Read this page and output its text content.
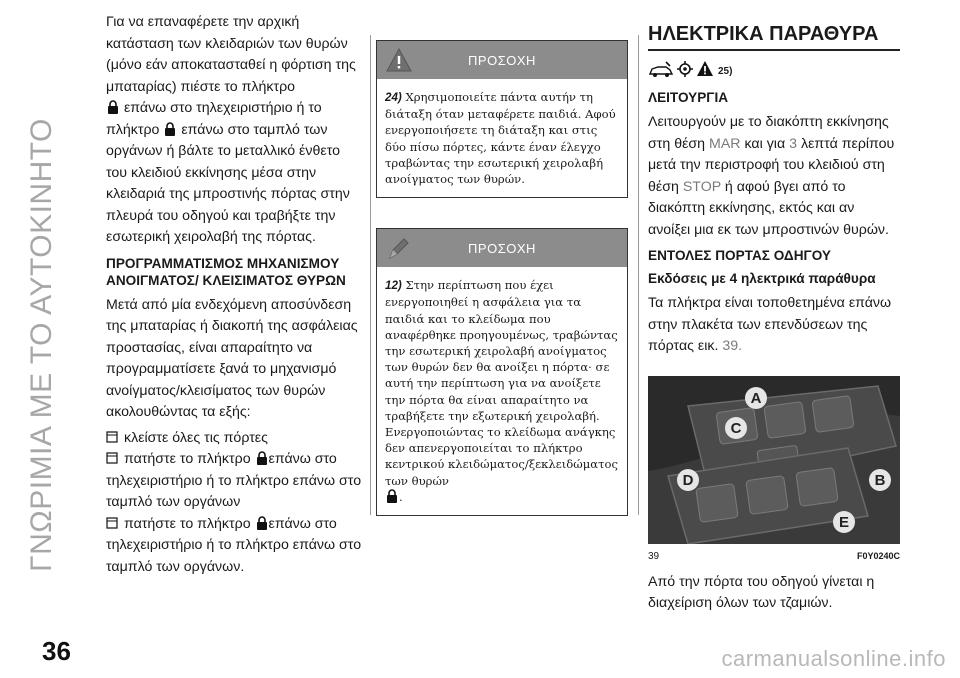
ΓΝΩΡΙΜΙΑ ΜΕ ΤΟ ΑΥΤΟΚΙΝΗΤΟ
36	carmanualsonline.info

Για να επαναφέρετε την αρχική κατάσταση των κλειδαριών των θυρών (μόνο εάν αποκατασταθεί η φόρτιση της μπαταρίας) πιέστε το πλήκτρο
επάνω στο τηλεχειριστήριο ή το πλήκτρο επάνω στο ταμπλό των οργάνων ή βάλτε το μεταλλικό ένθετο του κλειδιού εκκίνησης μέσα στην κλειδαριά της μπροστινής πόρτας στην πλευρά του οδηγού και τραβήξτε την εσωτερική χειρολαβή της πόρτας.

ΠΡΟΓΡΑΜΜΑΤΙΣΜΟΣ ΜΗΧΑΝΙΣΜΟΥ ΑΝΟΙΓΜΑΤΟΣ/ ΚΛΕΙΣΙΜΑΤΟΣ ΘΥΡΩΝ

Μετά από μία ενδεχόμενη αποσύνδεση της μπαταρίας ή διακοπή της ασφάλειας προστασίας, είναι απαραίτητο να προγραμματίσετε ξανά το μηχανισμό ανοίγματος/κλεισίματος των θυρών ακολουθώντας τα εξής:

κλείστε όλες τις πόρτες
πατήστε το πλήκτρο επάνω στο τηλεχειριστήριο ή το πλήκτρο επάνω στο ταμπλό των οργάνων
πατήστε το πλήκτρο επάνω στο τηλεχειριστήριο ή το πλήκτρο επάνω στο ταμπλό των οργάνων.
ΠΡΟΣΟΧΗ
24) Χρησιμοποιείτε πάντα αυτήν τη διάταξη όταν μεταφέρετε παιδιά. Αφού ενεργοποιήσετε τη διάταξη και στις δύο πίσω πόρτες, κάντε έναν έλεγχο τραβώντας την εσωτερική χειρολαβή ανοίγματος των θυρών.
ΠΡΟΣΟΧΗ
12) Στην περίπτωση που έχει ενεργοποιηθεί η ασφάλεια για τα παιδιά και το κλείδωμα που αναφέρθηκε προηγουμένως, τραβώντας την εσωτερική χειρολαβή ανοίγματος των θυρών δεν θα ανοίξει η πόρτα· σε αυτή την περίπτωση για να ανοίξετε την πόρτα θα είναι απαραίτητο να τραβήξετε την εξωτερική χειρολαβή. Ενεργοποιώντας το κλείδωμα ανάγκης δεν απενεργοποιείται το πλήκτρο κεντρικού κλειδώματος/ξεκλειδώματος των θυρών
.
ΗΛΕΚΤΡΙΚΑ ΠΑΡΑΘΥΡΑ
25)
ΛΕΙΤΟΥΡΓΙΑ

Λειτουργούν με το διακόπτη εκκίνησης στη θέση MAR και για 3 λεπτά περίπου μετά την περιστροφή του κλειδιού στη θέση STOP ή αφού βγει από το διακόπτη εκκίνησης, εκτός και αν ανοίξει μια εκ των μπροστινών θυρών.

ΕΝΤΟΛΕΣ ΠΟΡΤΑΣ ΟΔΗΓΟΥ
Εκδόσεις με 4 ηλεκτρικά παράθυρα

Τα πλήκτρα είναι τοποθετημένα επάνω στην πλακέτα των επενδύσεων της πόρτας εικ. 39.

A
B
C
D
E
39	F0Y0240C

Από την πόρτα του οδηγού γίνεται η διαχείριση όλων των τζαμιών.
